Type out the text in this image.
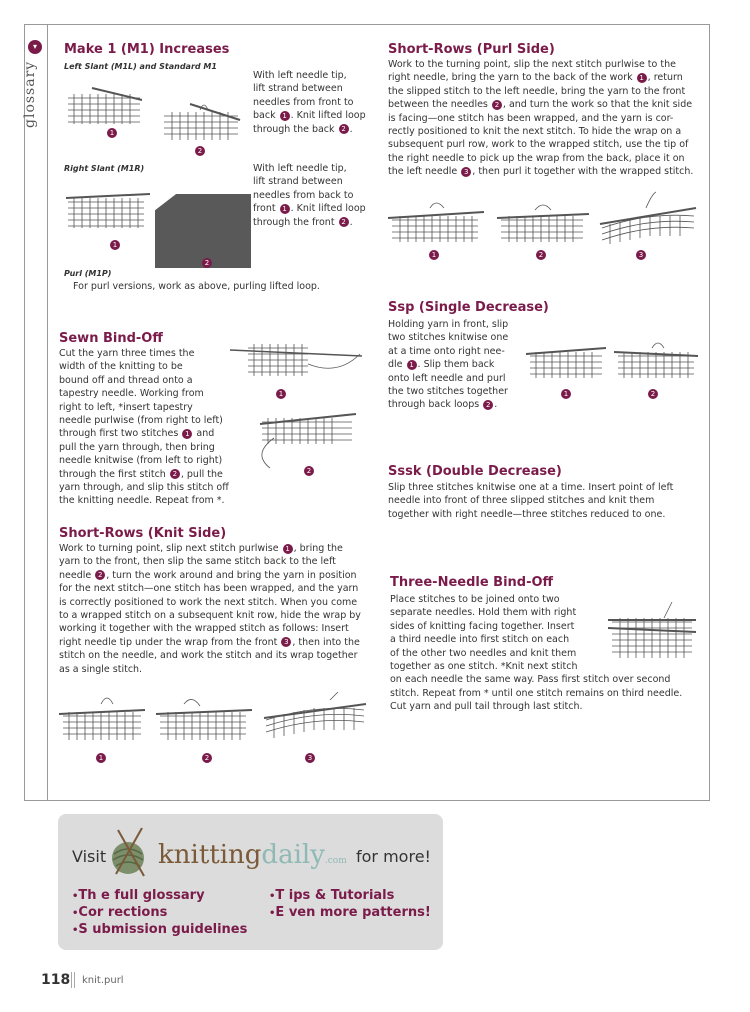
▾
glossary
Make 1 (M1) Increases
Left Slant (M1L) and Standard M1
1
2

With left needle tip,
lift strand between
needles from front to
back 1 . Knit lifted loop
through the back 2 .

Right Slant (M1R)
1
2

With left needle tip,
lift strand between
needles from back to
front 1 . Knit lifted loop
through the front 2 .

Purl (M1P)

For purl versions, work as above, purling lifted loop.

Sewn Bind-Off

Cut the yarn three times the
width of the knitting to be
bound off and thread onto a
tapestry needle. Working from
right to left, *insert tapestry
needle purlwise (from right to left)
through first two stitches 1 and
pull the yarn through, then bring
needle knitwise (from left to right)
through the first stitch 2 , pull the
yarn through, and slip this stitch off
the knitting needle. Repeat from *.

1
2
Short-Rows (Knit Side)

Work to turning point, slip next stitch purlwise 1 , bring the
yarn to the front, then slip the same stitch back to the left
needle 2 , turn the work around and bring the yarn in position
for the next stitch—one stitch has been wrapped, and the yarn
is correctly positioned to work the next stitch. When you come
to a wrapped stitch on a subsequent knit row, hide the wrap by
working it together with the wrapped stitch as follows: Insert
right needle tip under the wrap from the front 3 , then into the
stitch on the needle, and work the stitch and its wrap together
as a single stitch.

1	2	3
Short-Rows (Purl Side)

Work to the turning point, slip the next stitch purlwise to the
right needle, bring the yarn to the back of the work 1 , return
the slipped stitch to the left needle, bring the yarn to the front
between the needles 2 , and turn the work so that the knit side
is facing—one stitch has been wrapped, and the yarn is cor-
rectly positioned to knit the next stitch. To hide the wrap on a
subsequent purl row, work to the wrapped stitch, use the tip of
the right needle to pick up the wrap from the back, place it on
the left needle 3 , then purl it together with the wrapped stitch.

1	2	3
Ssp (Single Decrease)

Holding yarn in front, slip
two stitches knitwise one
at a time onto right nee-
dle 1 . Slip them back
onto left needle and purl
the two stitches together
through back loops 2 .

1	2
Sssk (Double Decrease)

Slip three stitches knitwise one at a time. Insert point of left
needle into front of three slipped stitches and knit them
together with right needle—three stitches reduced to one.

Three-Needle Bind-Off

Place stitches to be joined onto two
separate needles. Hold them with right
sides of knitting facing together. Insert
a third needle into first stitch on each
of the other two needles and knit them
together as one stitch. *Knit next stitch
on each needle the same way. Pass first stitch over second
stitch. Repeat from * until one stitch remains on third needle.
Cut yarn and pull tail through last stitch.

Visit knittingdaily.com for more!
•Th e full glossary
•Cor rections
•S ubmission guidelines
•T ips & Tutorials
•E ven more patterns!
118 knit.purl
